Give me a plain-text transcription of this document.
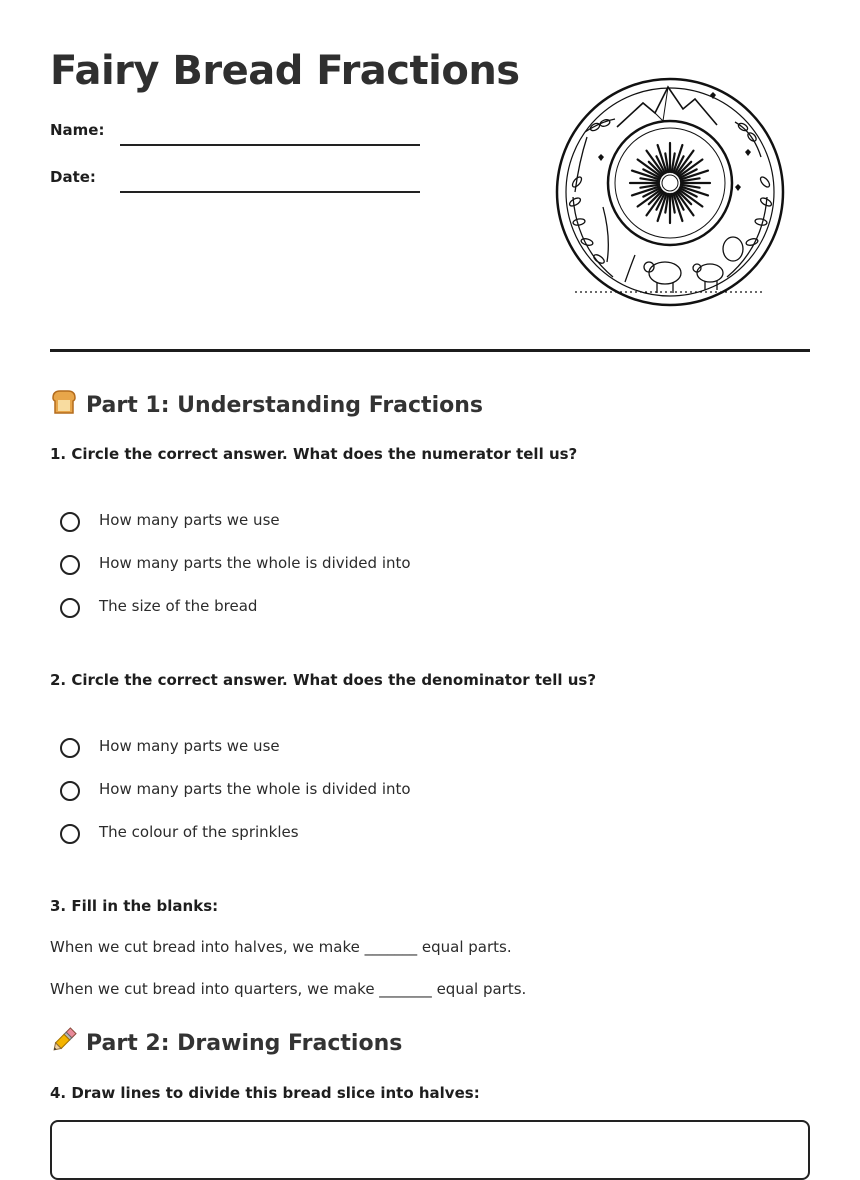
Fairy Bread Fractions
Name:
Date:
Part 1: Understanding Fractions
1. Circle the correct answer. What does the numerator tell us?
How many parts we use
How many parts the whole is divided into
The size of the bread
2. Circle the correct answer. What does the denominator tell us?
How many parts we use
How many parts the whole is divided into
The colour of the sprinkles
3. Fill in the blanks:
When we cut bread into halves, we make _______ equal parts.
When we cut bread into quarters, we make _______ equal parts.
Part 2: Drawing Fractions
4. Draw lines to divide this bread slice into halves:
